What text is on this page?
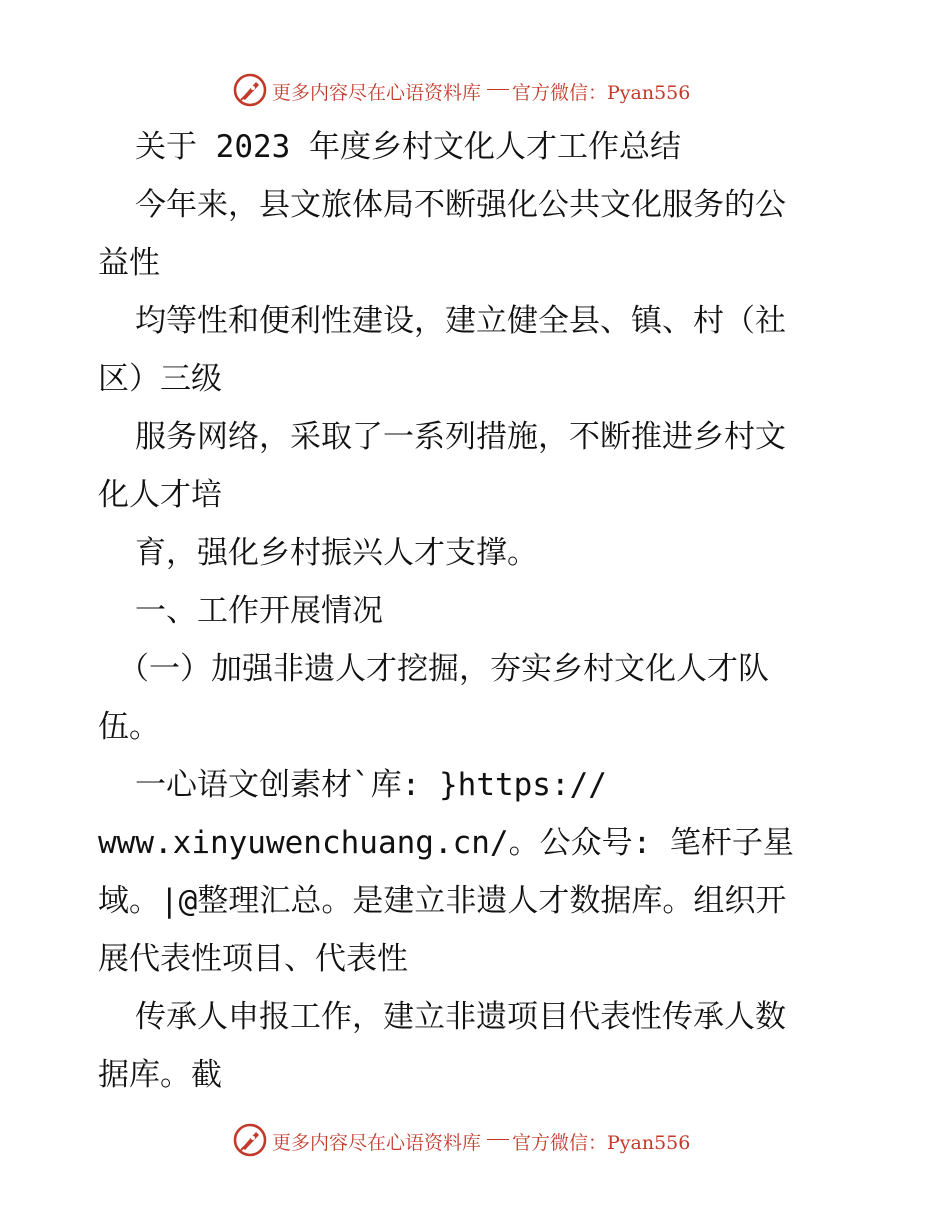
更多内容尽在心语资料库 官方微信：Pyan556
关于 2023 年度乡村文化人才工作总结
今年来，县文旅体局不断强化公共文化服务的公
益性
均等性和便利性建设，建立健全县、镇、村（社
区）三级
服务网络，采取了一系列措施，不断推进乡村文
化人才培
育，强化乡村振兴人才支撑。
一、工作开展情况
（一）加强非遗人才挖掘，夯实乡村文化人才队
伍。
一心语文创素材`库: }https://
www.xinyuwenchuang.cn/。公众号: 笔杆子星
域。|@整理汇总。是建立非遗人才数据库。组织开
展代表性项目、代表性
传承人申报工作，建立非遗项目代表性传承人数
据库。截
更多内容尽在心语资料库 官方微信：Pyan556
